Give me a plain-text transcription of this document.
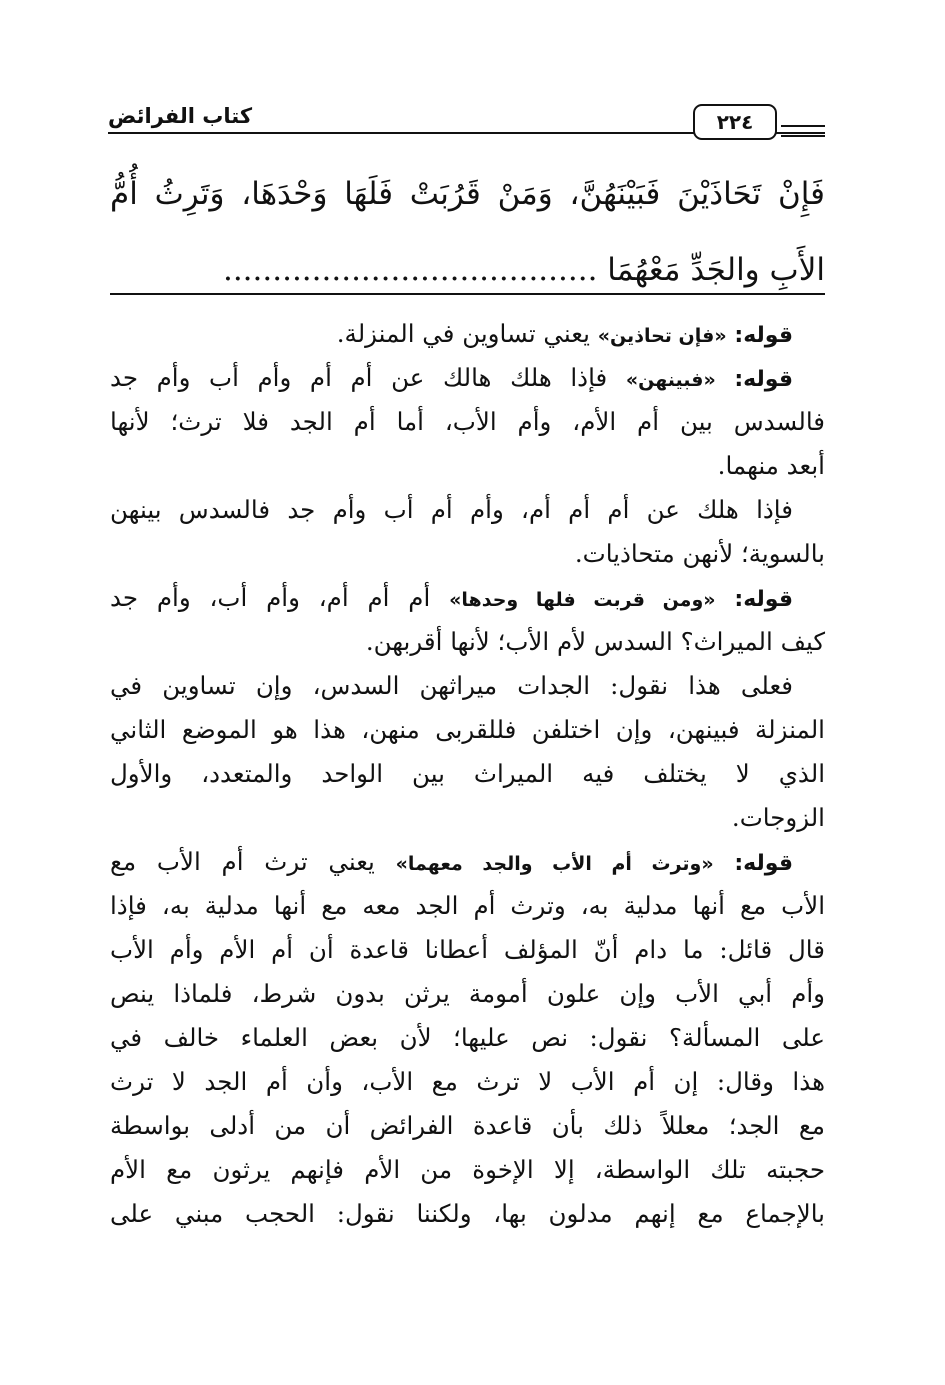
٢٢٤
كتاب الفرائض
فَإِنْ تَحَاذَيْنَ فَبَيْنَهُنَّ، وَمَنْ قَرُبَتْ فَلَهَا وَحْدَهَا، وَتَرِثُ أُمُّ
الأَبِ والجَدِّ مَعْهُمَا ......................................
قوله: «فإن تحاذين» يعني تساوين في المنزلة.
قوله: «فبينهن» فإذا هلك هالك عن أم أم وأم أب وأم جد
فالسدس بين أم الأم، وأم الأب، أما أم الجد فلا ترث؛ لأنها
أبعد منهما.
فإذا هلك عن أم أم أم، وأم أم أب وأم جد فالسدس بينهن
بالسوية؛ لأنهن متحاذيات.
قوله: «ومن قربت فلها وحدها» أم أم أم، وأم أب، وأم جد
كيف الميراث؟ السدس لأم الأب؛ لأنها أقربهن.
فعلى هذا نقول: الجدات ميراثهن السدس، وإن تساوين في
المنزلة فبينهن، وإن اختلفن فللقربى منهن، هذا هو الموضع الثاني
الذي لا يختلف فيه الميراث بين الواحد والمتعدد، والأول
الزوجات.
قوله: «وترث أم الأب والجد معهما» يعني ترث أم الأب مع
الأب مع أنها مدلية به، وترث أم الجد معه مع أنها مدلية به، فإذا
قال قائل: ما دام أنّ المؤلف أعطانا قاعدة أن أم الأم وأم الأب
وأم أبي الأب وإن علون أمومة يرثن بدون شرط، فلماذا ينص
على المسألة؟ نقول: نص عليها؛ لأن بعض العلماء خالف في
هذا وقال: إن أم الأب لا ترث مع الأب، وأن أم الجد لا ترث
مع الجد؛ معللاً ذلك بأن قاعدة الفرائض أن من أدلى بواسطة
حجبته تلك الواسطة، إلا الإخوة من الأم فإنهم يرثون مع الأم
بالإجماع مع إنهم مدلون بها، ولكننا نقول: الحجب مبني على
